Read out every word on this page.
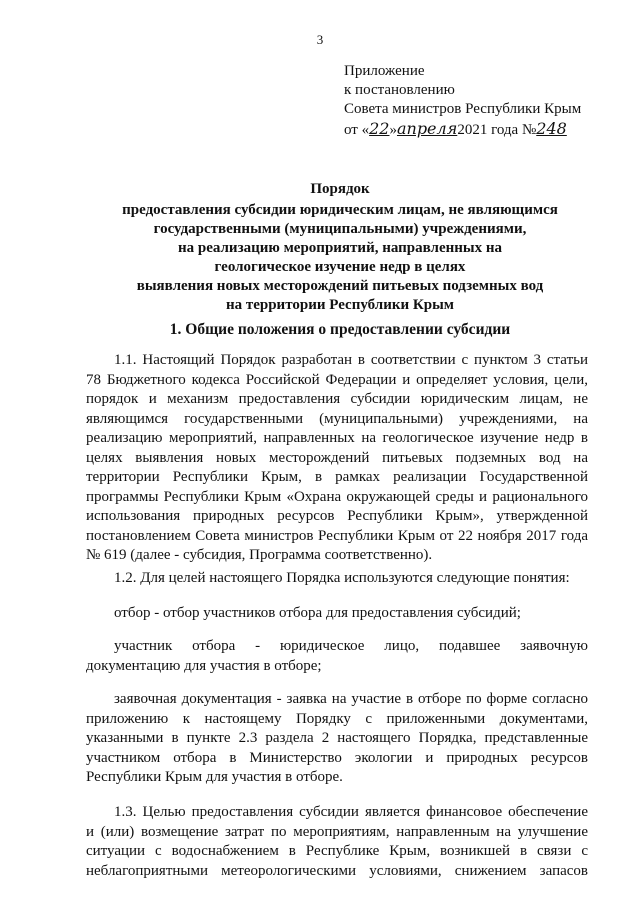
3
Приложение
к постановлению
Совета министров Республики Крым
от «22»апреля2021 года №248
Порядок
предоставления субсидии юридическим лицам, не являющимся
государственными (муниципальными) учреждениями,
на реализацию мероприятий, направленных на
геологическое изучение недр в целях
выявления новых месторождений питьевых подземных вод
на территории Республики Крым
1. Общие положения о предоставлении субсидии
1.1. Настоящий Порядок разработан в соответствии с пунктом 3 статьи
78 Бюджетного кодекса Российской Федерации и определяет условия, цели,
порядок и механизм предоставления субсидии юридическим лицам, не
являющимся государственными (муниципальными) учреждениями, на
реализацию мероприятий, направленных на геологическое изучение недр в
целях выявления новых месторождений питьевых подземных вод на
территории Республики Крым, в рамках реализации Государственной
программы Республики Крым «Охрана окружающей среды и рационального
использования природных ресурсов Республики Крым», утвержденной
постановлением Совета министров Республики Крым от 22 ноября 2017 года
№ 619 (далее - субсидия, Программа соответственно).
1.2. Для целей настоящего Порядка используются следующие понятия:
отбор - отбор участников отбора для предоставления субсидий;
участник отбора - юридическое лицо, подавшее заявочную
документацию для участия в отборе;
заявочная документация - заявка на участие в отборе по форме согласно
приложению к настоящему Порядку с приложенными документами,
указанными в пункте 2.3 раздела 2 настоящего Порядка, представленные
участником отбора в Министерство экологии и природных ресурсов
Республики Крым для участия в отборе.
1.3. Целью предоставления субсидии является финансовое обеспечение
и (или) возмещение затрат по мероприятиям, направленным на улучшение
ситуации с водоснабжением в Республике Крым, возникшей в связи с
неблагоприятными метеорологическими условиями, снижением запасов
